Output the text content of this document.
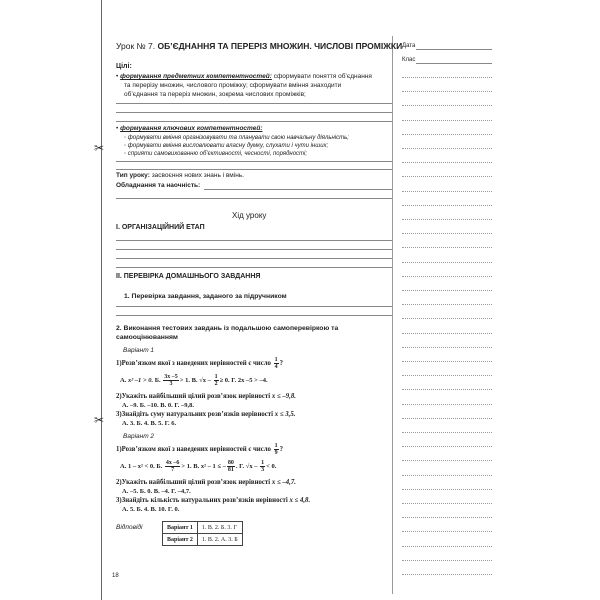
✂
✂
Урок № 7. ОБ’ЄДНАННЯ ТА ПЕРЕРІЗ МНОЖИН. ЧИСЛОВІ ПРОМІЖКИ Дата
Клас
Цілі:
• формування предметних компетентностей: сформувати поняття об’єднання
та перерізу множин, числового проміжку; сформувати вміння знаходити
об’єднання та переріз множин, зокрема числових проміжків;
• формування ключових компетентностей:
◦ формувати вміння організовувати та планувати свою навчальну діяльність;
◦ формувати вміння висловлювати власну думку, слухати і чути інших;
◦ сприяти самовихованню об’єктивності, чесності, порядності;
Тип уроку: засвоєння нових знань і вмінь.
Обладнання та наочність:
Хід уроку
І. ОРГАНІЗАЦІЙНИЙ ЕТАП
ІІ. ПЕРЕВІРКА ДОМАШНЬОГО ЗАВДАННЯ
1. Перевірка завдання, заданого за підручником
2. Виконання тестових завдань із подальшою самоперевіркою та
самооцінюванням
Варіант 1
1)Розв’язком якої з наведених нерівностей є число $\frac{1}{4}$ ?
А. x² –1 > 0. Б. $\frac{3x -5}{3} > 1$. В. $√x - \frac{1}{2} \ge 0$. Г. 2x –5 > –4.
2)Укажіть найбільший цілий розв’язок нерівності x ≤ –9,8.
А. –9. Б. –10. В. 0. Г. –9,8.
3)Знайдіть суму натуральних розв’язків нерівності x ≤ 3,5.
А. 3. Б. 4. В. 5. Г. 6.
Варіант 2
1)Розв’язком якої з наведених нерівностей є число $\frac{1}{9}$ ?
А. 1 – x² < 0. Б. $\frac{4x -6}{7} > 1$. В. x² – 1 ≤ – $\frac{80}{81}$ . Г. $√x - \frac{1}{3} < 0$.
2)Укажіть найбільший цілий розв’язок нерівності x ≤ –4,7.
А. –5. Б. 0. В. –4. Г. –4,7.
3)Знайдіть кількість натуральних розв’язків нерівності x ≤ 4,8.
А. 5. Б. 4. В. 10. Г. 0.
Відповіді	Варіант 1	1. В. 2. Б. 3. Г
Варіант 2	1. В. 2. А. 3. Б
18
